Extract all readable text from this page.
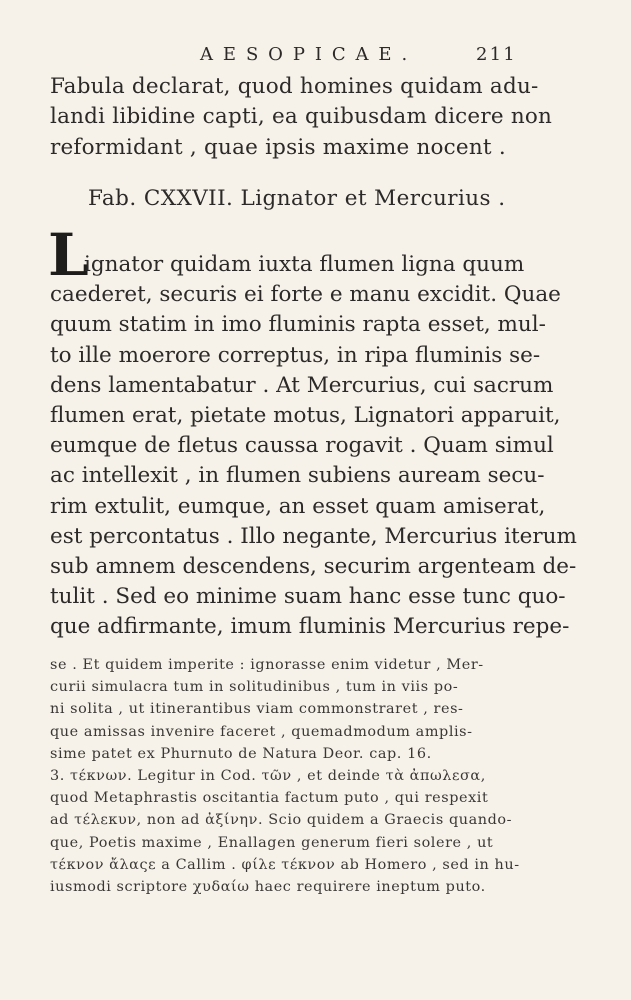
AESOPICAE.	211
Fabula declarat, quod homines quidam adu-
landi libidine capti, ea quibusdam dicere non
reformidant , quae ipsis maxime nocent .
Fab. CXXVII. Lignator et Mercurius .
L
ignator quidam iuxta flumen ligna quum
caederet, securis ei forte e manu excidit. Quae
quum statim in imo fluminis rapta esset, mul-
to ille moerore correptus, in ripa fluminis se-
dens lamentabatur . At Mercurius, cui sacrum
flumen erat, pietate motus, Lignatori apparuit,
eumque de fletus caussa rogavit . Quam simul
ac intellexit , in flumen subiens auream secu-
rim extulit, eumque, an esset quam amiserat,
est percontatus . Illo negante, Mercurius iterum
sub amnem descendens, securim argenteam de-
tulit . Sed eo minime suam hanc esse tunc quo-
que adfirmante, imum fluminis Mercurius repe-
se . Et quidem imperite : ignorasse enim videtur , Mer-
curii simulacra tum in solitudinibus , tum in viis po-
ni solita , ut itinerantibus viam commonstraret , res-
que amissas invenire faceret , quemadmodum amplis-
sime patet ex Phurnuto de Natura Deor. cap. 16.
3. τέκνων. Legitur in Cod. τῶν , et deinde τὰ ἀπωλεσα,
quod Metaphrastis oscitantia factum puto , qui respexit
ad τέλεκυν, non ad ἀξίνην. Scio quidem a Graecis quando-
que, Poetis maxime , Enallagen generum fieri solere , ut
τέκνον ἄλαςε a Callim . φίλε τέκνον ab Homero , sed in hu-
iusmodi scriptore χυδαίω haec requirere ineptum puto.
